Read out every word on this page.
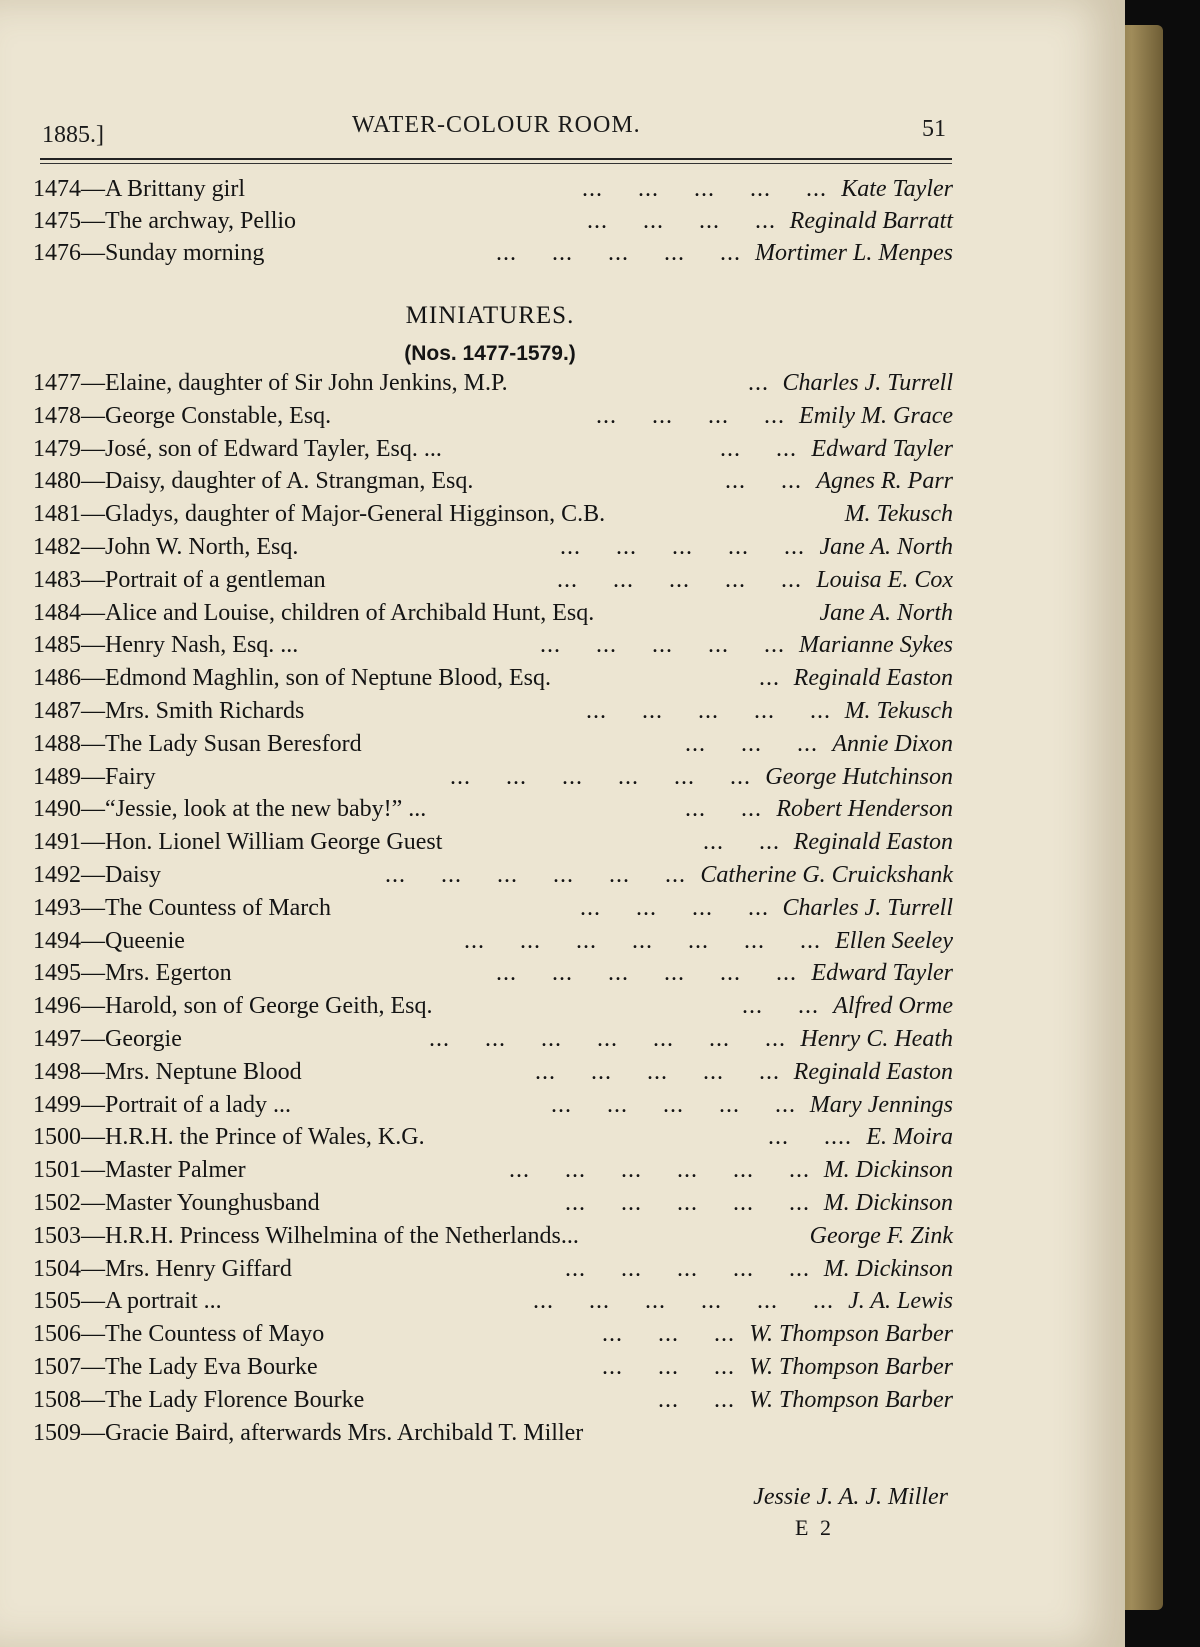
1885.]	WATER-COLOUR ROOM.	51
1474—A Brittany girl	Kate Tayler
...     ...     ...     ...     ...
1475—The archway, Pellio	Reginald Barratt
...     ...     ...     ...
1476—Sunday morning	Mortimer L. Menpes
...     ...     ...     ...     ...
MINIATURES.
(Nos. 1477-1579.)
1477—Elaine, daughter of Sir John Jenkins, M.P.	Charles J. Turrell
...
1478—George Constable, Esq.	Emily M. Grace
...     ...     ...     ...
1479—José, son of Edward Tayler, Esq. ...	Edward Tayler
...     ...
1480—Daisy, daughter of A. Strangman, Esq.	Agnes R. Parr
...     ...
1481—Gladys, daughter of Major-General Higginson, C.B.	M. Tekusch
1482—John W. North, Esq.	Jane A. North
...     ...     ...     ...     ...
1483—Portrait of a gentleman	Louisa E. Cox
...     ...     ...     ...     ...
1484—Alice and Louise, children of Archibald Hunt, Esq.	Jane A. North
1485—Henry Nash, Esq. ...	Marianne Sykes
...     ...     ...     ...     ...
1486—Edmond Maghlin, son of Neptune Blood, Esq.	Reginald Easton
...
1487—Mrs. Smith Richards	M. Tekusch
...     ...     ...     ...     ...
1488—The Lady Susan Beresford	Annie Dixon
...     ...     ...
1489—Fairy	George Hutchinson
...     ...     ...     ...     ...     ...
1490—“Jessie, look at the new baby!” ...	Robert Henderson
...     ...
1491—Hon. Lionel William George Guest	Reginald Easton
...     ...
1492—Daisy	Catherine G. Cruickshank
...     ...     ...     ...     ...     ...
1493—The Countess of March	Charles J. Turrell
...     ...     ...     ...
1494—Queenie	Ellen Seeley
...     ...     ...     ...     ...     ...     ...
1495—Mrs. Egerton	Edward Tayler
...     ...     ...     ...     ...     ...
1496—Harold, son of George Geith, Esq.	Alfred Orme
...     ...
1497—Georgie	Henry C. Heath
...     ...     ...     ...     ...     ...     ...
1498—Mrs. Neptune Blood	Reginald Easton
...     ...     ...     ...     ...
1499—Portrait of a lady ...	Mary Jennings
...     ...     ...     ...     ...
1500—H.R.H. the Prince of Wales, K.G.	E. Moira
...     ....
1501—Master Palmer	M. Dickinson
...     ...     ...     ...     ...     ...
1502—Master Younghusband	M. Dickinson
...     ...     ...     ...     ...
1503—H.R.H. Princess Wilhelmina of the Netherlands...	George F. Zink
1504—Mrs. Henry Giffard	M. Dickinson
...     ...     ...     ...     ...
1505—A portrait ...	J. A. Lewis
...     ...     ...     ...     ...     ...
1506—The Countess of Mayo	W. Thompson Barber
...     ...     ...
1507—The Lady Eva Bourke	W. Thompson Barber
...     ...     ...
1508—The Lady Florence Bourke	W. Thompson Barber
...     ...
1509—Gracie Baird, afterwards Mrs. Archibald T. Miller
Jessie J. A. J. Miller
E 2
